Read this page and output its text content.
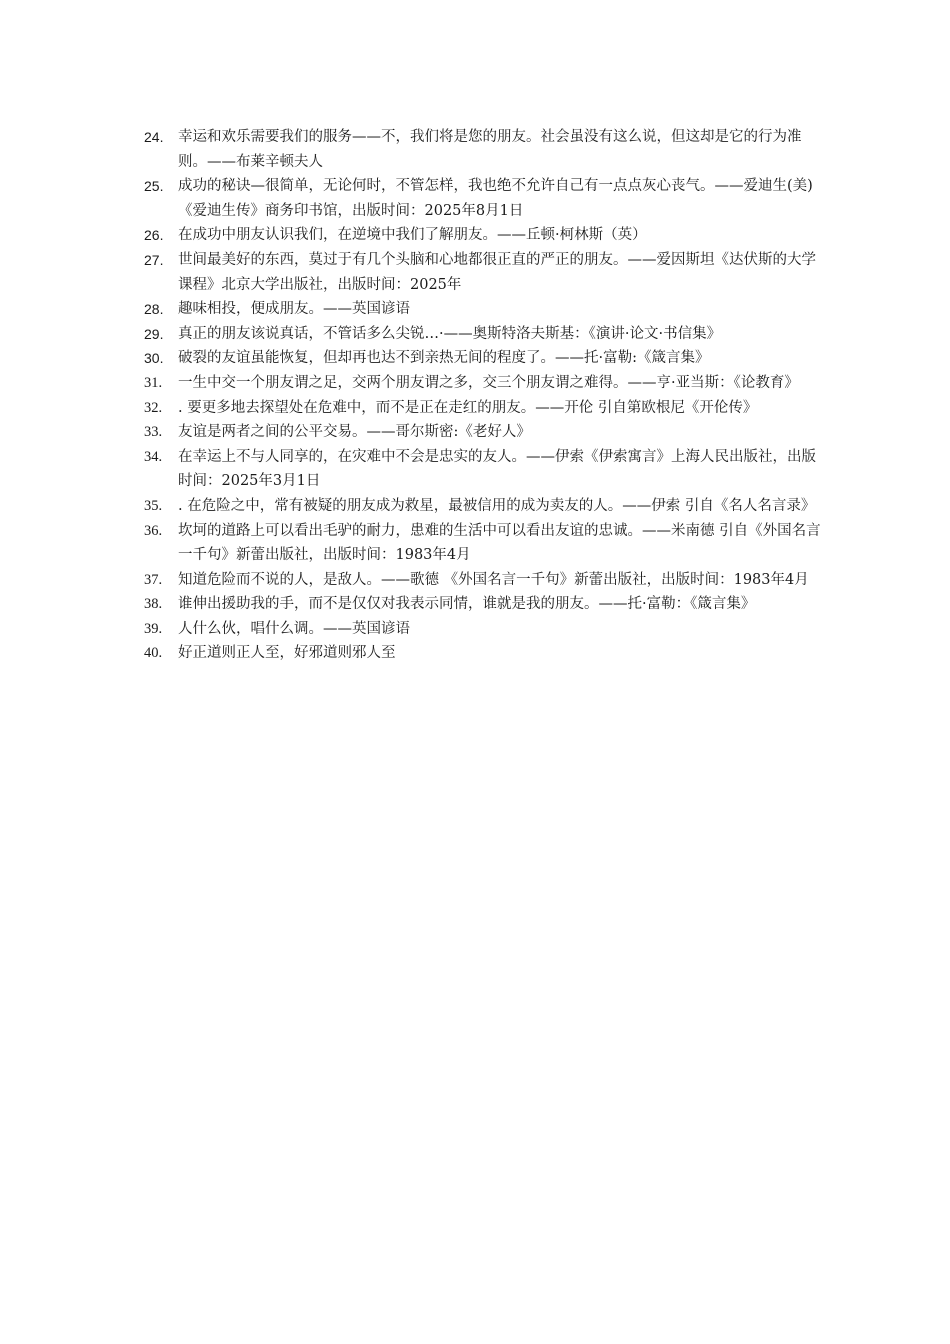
24.	幸运和欢乐需要我们的服务——不，我们将是您的朋友。社会虽没有这么说，但这却是它的行为准则。——布莱辛顿夫人
25.	成功的秘诀—很简单，无论何时，不管怎样，我也绝不允许自己有一点点灰心丧气。——爱迪生(美)《爱迪生传》商务印书馆，出版时间：2025年8月1日
26.	在成功中朋友认识我们，在逆境中我们了解朋友。——丘顿·柯林斯（英）
27.	世间最美好的东西，莫过于有几个头脑和心地都很正直的严正的朋友。——爱因斯坦《达伏斯的大学课程》北京大学出版社，出版时间：2025年
28.	趣味相投，便成朋友。——英国谚语
29.	真正的朋友该说真话，不管话多么尖锐…·——奥斯特洛夫斯基：《演讲·论文·书信集》
30.	破裂的友谊虽能恢复，但却再也达不到亲热无间的程度了。——托·富勒:《箴言集》
31.	一生中交一个朋友谓之足，交两个朋友谓之多，交三个朋友谓之难得。——亨·亚当斯：《论教育》
32.	. 要更多地去探望处在危难中，而不是正在走红的朋友。——开伦 引自第欧根尼《开伦传》
33.	友谊是两者之间的公平交易。——哥尔斯密:《老好人》
34.	在幸运上不与人同享的，在灾难中不会是忠实的友人。——伊索《伊索寓言》上海人民出版社，出版时间：2025年3月1日
35.	. 在危险之中，常有被疑的朋友成为救星，最被信用的成为卖友的人。——伊索 引自《名人名言录》
36.	坎坷的道路上可以看出毛驴的耐力，患难的生活中可以看出友谊的忠诚。——米南德 引自《外国名言一千句》新蕾出版社，出版时间：1983年4月
37.	知道危险而不说的人，是敌人。——歌德 《外国名言一千句》新蕾出版社，出版时间：1983年4月
38.	谁伸出援助我的手，而不是仅仅对我表示同情，谁就是我的朋友。——托·富勒：《箴言集》
39.	人什么伙，唱什么调。——英国谚语
40.	好正道则正人至，好邪道则邪人至
